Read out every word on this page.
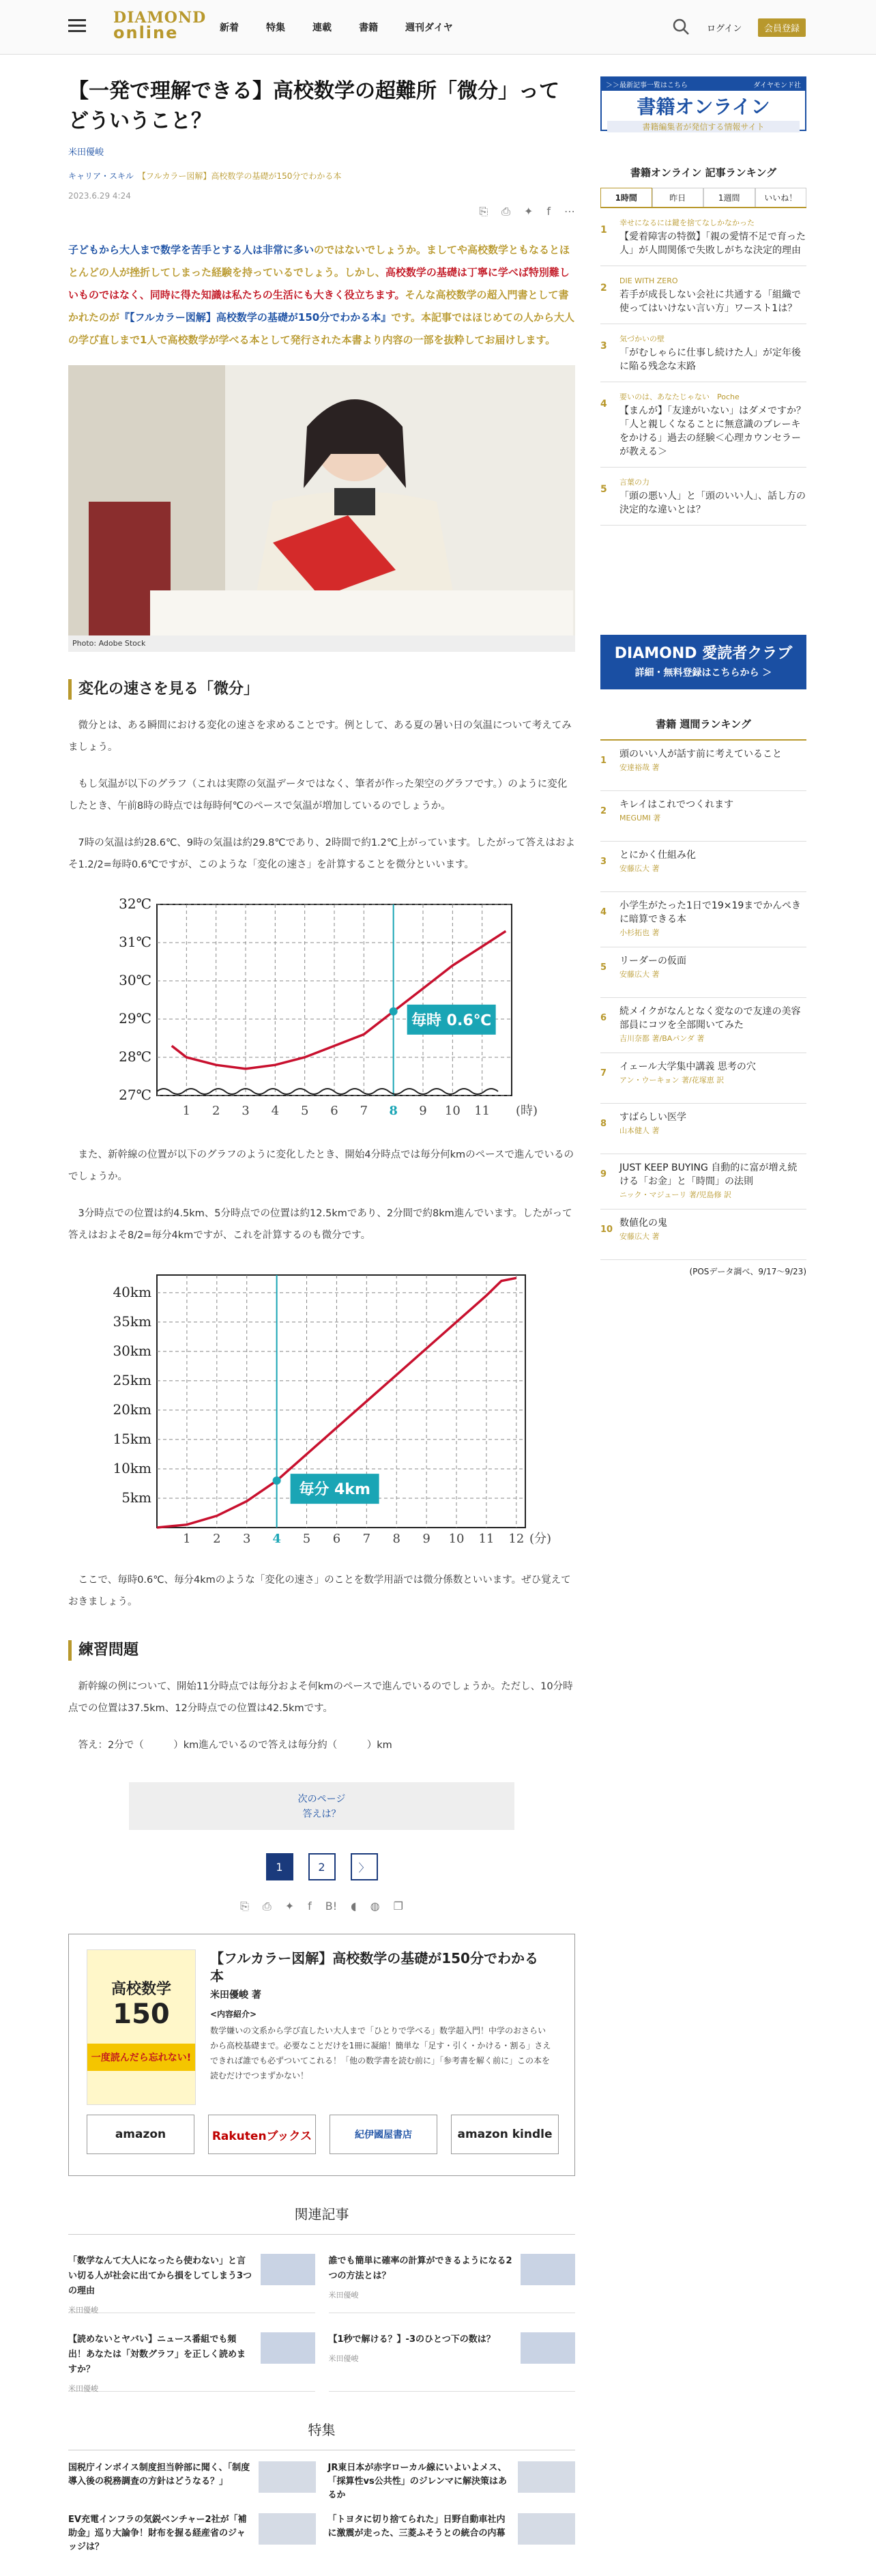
DIAMOND
online	新着	特集	連載	書籍	週刊ダイヤ	ログイン	会員登録
【一発で理解できる】高校数学の超難所「微分」ってどういうこと？
米田優峻
キャリア・スキル　 【フルカラー図解】高校数学の基礎が150分でわかる本
2023.6.29 4:24
⎘ ⎙ ✦ f ⋯

子どもから大人まで数学を苦手とする人は非常に多いのではないでしょうか。ましてや高校数学ともなるとほとんどの人が挫折してしまった経験を持っているでしょう。しかし、高校数学の基礎は丁寧に学べば特別難しいものではなく、同時に得た知識は私たちの生活にも大きく役立ちます。そんな高校数学の超入門書として書かれたのが『【フルカラー図解】高校数学の基礎が150分でわかる本』です。本記事ではほじめての人から大人の学び直しまで1人で高校数学が学べる本として発行された本書より内容の一部を抜粋してお届けします。

Photo: Adobe Stock
変化の速さを見る「微分」

微分とは、ある瞬間における変化の速さを求めることです。例として、ある夏の暑い日の気温について考えてみましょう。

もし気温が以下のグラフ（これは実際の気温データではなく、筆者が作った架空のグラフです。）のように変化したとき、午前8時の時点では毎時何℃のペースで気温が増加しているのでしょうか。

7時の気温は約28.6℃、9時の気温は約29.8℃であり、2時間で約1.2℃上がっています。したがって答えはおよそ1.2/2=毎時0.6℃ですが、このような「変化の速さ」を計算することを微分といいます。

1 2 3 4 5 6 7 8 9 10 11 (時)
27℃
28℃
29℃
30℃
31℃
32℃
毎時 0.6℃

また、新幹線の位置が以下のグラフのように変化したとき、開始4分時点では毎分何kmのペースで進んでいるのでしょうか。

3分時点での位置は約4.5km、5分時点での位置は約12.5kmであり、2分間で約8km進んでいます。したがって答えはおよそ8/2=毎分4kmですが、これを計算するのも微分です。

1 2 3 4 5 6 7 8 9 10 11 12 (分)
5km
10km
15km
20km
25km
30km
35km
40km
毎分 4km

ここで、毎時0.6℃、毎分4kmのような「変化の速さ」のことを数学用語では微分係数といいます。ぜひ覚えておきましょう。

練習問題

新幹線の例について、開始11分時点では毎分およそ何kmのペースで進んでいるのでしょうか。ただし、10分時点での位置は37.5km、12分時点での位置は42.5kmです。

答え：2分で（　　　）km進んでいるので答えは毎分約（　　　）km

次のページ
答えは？
1	2	〉
⎘ ⎙ ✦ f B! ◖ ◍ ❐
高校数学
150
一度読んだら忘れない!
【フルカラー図解】高校数学の基礎が150分でわかる本
米田優峻 著
<内容紹介>
数学嫌いの文系から学び直したい大人まで「ひとりで学べる」数学超入門！中学のおさらいから高校基礎まで。必要なことだけを1冊に凝縮！簡単な「足す・引く・かける・割る」さえできれば誰でも必ずついてこれる！「他の数学書を読む前に」「参考書を解く前に」この本を読むだけでつまずかない！
amazon	Rakutenブックス	紀伊國屋書店	amazon kindle
関連記事
「数学なんて大人になったら使わない」と言い切る人が社会に出てから損をしてしまう3つの理由
米田優峻
誰でも簡単に確率の計算ができるようになる2つの方法とは？
米田優峻
【読めないとヤバい】ニュース番組でも頻出！あなたは「対数グラフ」を正しく読めますか？
米田優峻
【1秒で解ける？】-3のひとつ下の数は？
米田優峻
特集
国税庁インボイス制度担当幹部に聞く、「制度導入後の税務調査の方針はどうなる？」
JR東日本が赤字ローカル線にいよいよメス、「採算性vs公共性」のジレンマに解決策はあるか
EV充電インフラの気鋭ベンチャー2社が「補助金」巡り大論争！財布を握る経産省のジャッジは？
「トヨタに切り捨てられた」日野自動車社内に激震が走った、三菱ふそうとの統合の内幕
＞＞最新記事一覧はこちら	ダイヤモンド社
書籍オンライン
書籍編集者が発信する情報サイト
書籍オンライン 記事ランキング
1時間	昨日	1週間	いいね！
1
幸せになるには鍵を捨てなしかなかった
【愛着障害の特徴】「親の愛情不足で育った人」が人間関係で失敗しがちな決定的理由
2
DIE WITH ZERO
若手が成長しない会社に共通する「組織で使ってはいけない言い方」ワースト1は？
3
気づかいの壁
「がむしゃらに仕事し続けた人」が定年後に陥る残念な末路
4
要いのは、あなたじゃない　Poche
【まんが】「友達がいない」はダメですか？「人と親しくなることに無意識のブレーキをかける」過去の経験＜心理カウンセラーが教える＞
5
言葉の力
「頭の悪い人」と「頭のいい人」、話し方の決定的な違いとは？
DIAMOND 愛読者クラブ
詳細・無料登録はこちらから ＞
書籍 週間ランキング
1
頭のいい人が話す前に考えていること
安達裕哉 著
2
キレイはこれでつくれます
MEGUMI 著
3
とにかく仕組み化
安藤広大 著
4
小学生がたった1日で19×19までかんぺきに暗算できる本
小杉拓也 著
5
リーダーの仮面
安藤広大 著
6
続メイクがなんとなく変なので友達の美容部員にコツを全部聞いてみた
吉川奈都 著/BAパンダ 著
7
イェール大学集中講義 思考の穴
アン・ウーキョン 著/花塚恵 訳
8
すばらしい医学
山本健人 著
9
JUST KEEP BUYING 自動的に富が増え続ける「お金」と「時間」の法則
ニック・マジューリ 著/児島修 訳
10
数値化の鬼
安藤広大 著
(POSデータ調べ、9/17〜9/23)
